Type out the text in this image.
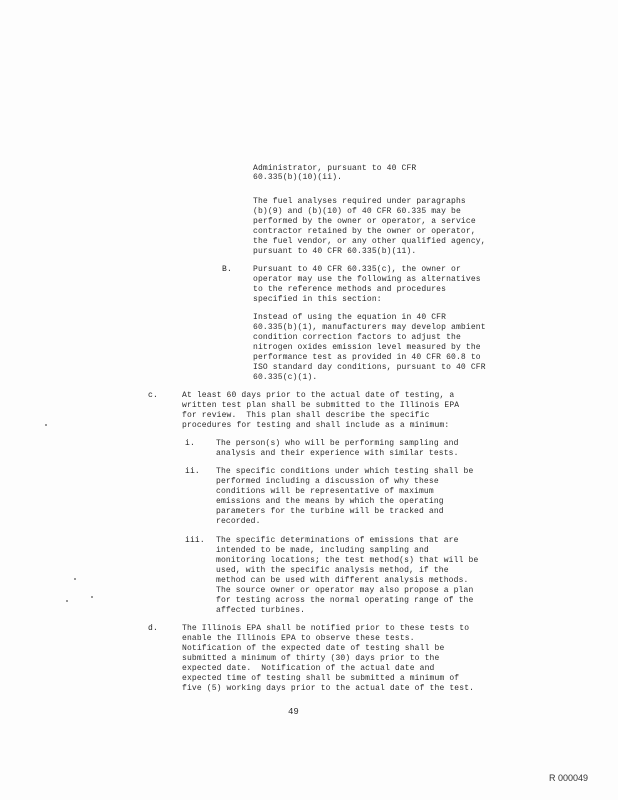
Administrator, pursuant to 40 CFR

60.335(b)(10)(ii).

The fuel analyses required under paragraphs

(b)(9) and (b)(10) of 40 CFR 60.335 may be

performed by the owner or operator, a service

contractor retained by the owner or operator,

the fuel vendor, or any other qualified agency,

pursuant to 40 CFR 60.335(b)(11).

B.	Pursuant to 40 CFR 60.335(c), the owner or

operator may use the following as alternatives

to the reference methods and procedures

specified in this section:

Instead of using the equation in 40 CFR

60.335(b)(1), manufacturers may develop ambient

condition correction factors to adjust the

nitrogen oxides emission level measured by the

performance test as provided in 40 CFR 60.8 to

ISO standard day conditions, pursuant to 40 CFR

60.335(c)(1).

c.	At least 60 days prior to the actual date of testing, a

written test plan shall be submitted to the Illinois EPA

for review.  This plan shall describe the specific

procedures for testing and shall include as a minimum:

i.	The person(s) who will be performing sampling and

analysis and their experience with similar tests.

ii. The specific conditions under which testing shall be

performed including a discussion of why these

conditions will be representative of maximum

emissions and the means by which the operating

parameters for the turbine will be tracked and

recorded.

iii. The specific determinations of emissions that are

intended to be made, including sampling and

monitoring locations; the test method(s) that will be

used, with the specific analysis method, if the

method can be used with different analysis methods.

The source owner or operator may also propose a plan

for testing across the normal operating range of the

affected turbines.

d.	The Illinois EPA shall be notified prior to these tests to

enable the Illinois EPA to observe these tests.

Notification of the expected date of testing shall be

submitted a minimum of thirty (30) days prior to the

expected date.  Notification of the actual date and

expected time of testing shall be submitted a minimum of

five (5) working days prior to the actual date of the test.

49

R 000049
